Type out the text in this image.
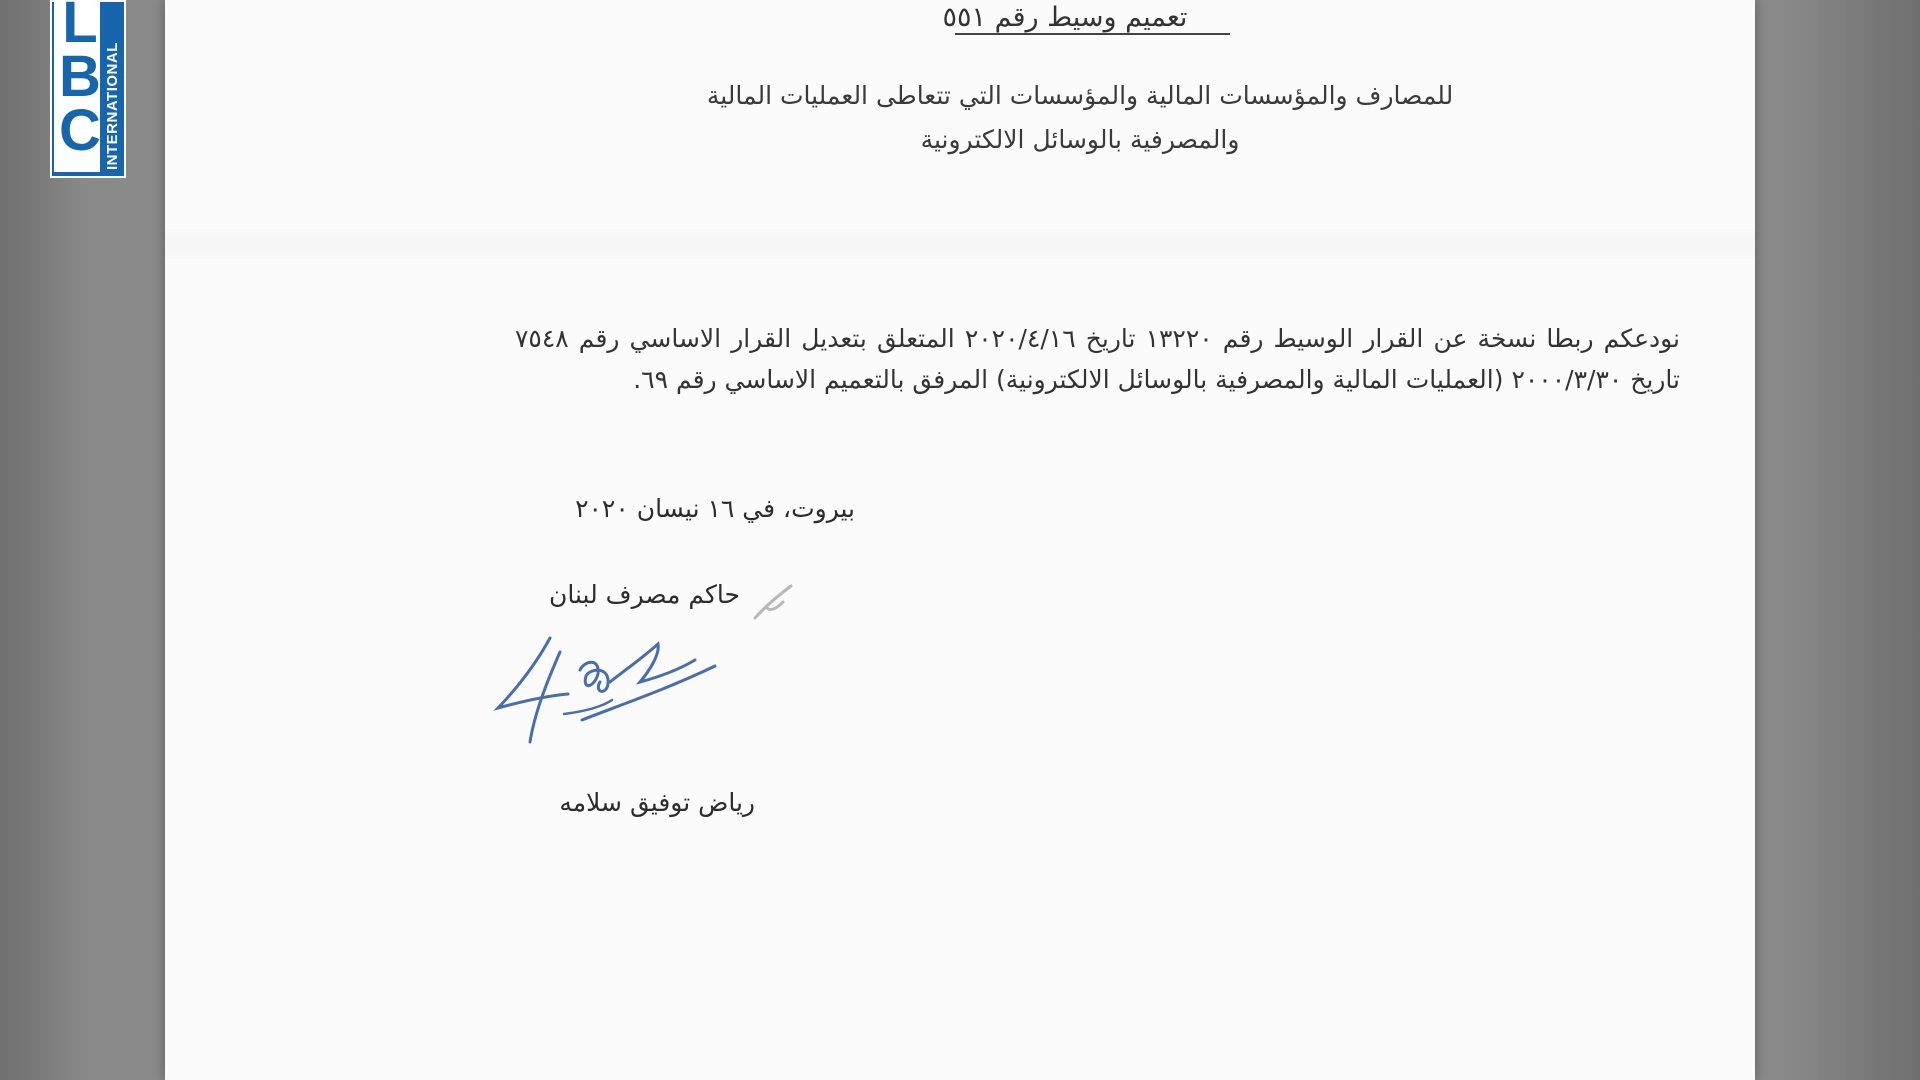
تعميم وسيط رقم ٥٥١
للمصارف والمؤسسات المالية والمؤسسات التي تتعاطى العمليات المالية
والمصرفية بالوسائل الالكترونية
نودعكم ربطا نسخة عن القرار الوسيط رقم ١٣٢٢٠ تاريخ ٢٠٢٠/٤/١٦ المتعلق بتعديل القرار الاساسي رقم ٧٥٤٨ تاريخ ٢٠٠٠/٣/٣٠ (العمليات المالية والمصرفية بالوسائل الالكترونية) المرفق بالتعميم الاساسي رقم ٦٩.
بيروت، في ١٦ نيسان ٢٠٢٠
حاكم مصرف لبنان
رياض توفيق سلامه
L
B
C INTERNATIONAL
